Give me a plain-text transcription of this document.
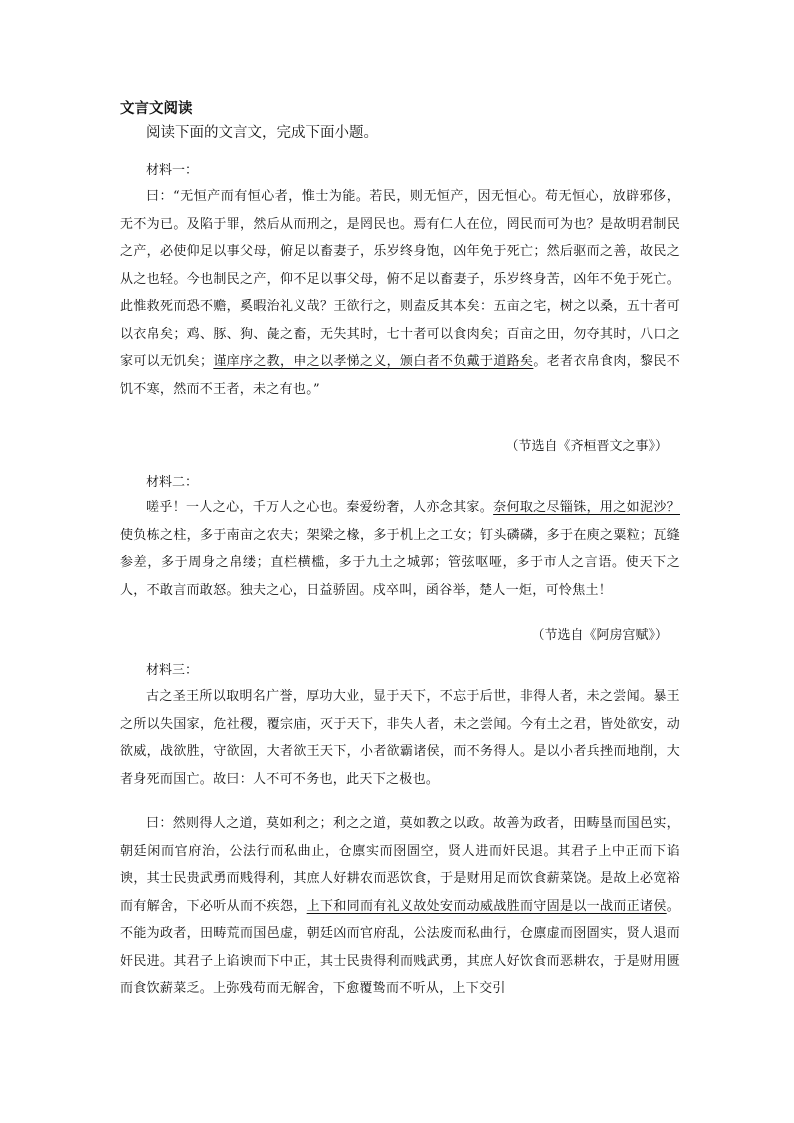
文言文阅读

阅读下面的文言文，完成下面小题。

材料一：

曰：“无恒产而有恒心者，惟士为能。若民，则无恒产，因无恒心。苟无恒心，放辟邪侈，无不为已。及陷于罪，然后从而刑之，是罔民也。焉有仁人在位，罔民而可为也？是故明君制民之产，必使仰足以事父母，俯足以畜妻子，乐岁终身饱，凶年免于死亡；然后驱而之善，故民之从之也轻。今也制民之产，仰不足以事父母，俯不足以畜妻子，乐岁终身苦，凶年不免于死亡。此惟救死而恐不赡，奚暇治礼义哉？王欲行之，则盍反其本矣：五亩之宅，树之以桑，五十者可以衣帛矣；鸡、豚、狗、彘之畜，无失其时，七十者可以食肉矣；百亩之田，勿夺其时，八口之家可以无饥矣；谨庠序之教，申之以孝悌之义，颁白者不负戴于道路矣。老者衣帛食肉，黎民不饥不寒，然而不王者，未之有也。”

（节选自《齐桓晋文之事》）

材料二：

嗟乎！一人之心，千万人之心也。秦爱纷奢，人亦念其家。奈何取之尽锱铢，用之如泥沙？使负栋之柱，多于南亩之农夫；架梁之椽，多于机上之工女；钉头磷磷，多于在庾之粟粒；瓦缝参差，多于周身之帛缕；直栏横槛，多于九土之城郭；管弦呕哑，多于市人之言语。使天下之人，不敢言而敢怒。独夫之心，日益骄固。戍卒叫，函谷举，楚人一炬，可怜焦土！

（节选自《阿房宫赋》）

材料三：

古之圣王所以取明名广誉，厚功大业，显于天下，不忘于后世，非得人者，未之尝闻。暴王之所以失国家，危社稷，覆宗庙，灭于天下，非失人者，未之尝闻。今有土之君，皆处欲安，动欲威，战欲胜，守欲固，大者欲王天下，小者欲霸诸侯，而不务得人。是以小者兵挫而地削，大者身死而国亡。故曰：人不可不务也，此天下之极也。

曰：然则得人之道，莫如利之；利之之道，莫如教之以政。故善为政者，田畴垦而国邑实，朝廷闲而官府治，公法行而私曲止，仓廪实而囹圄空，贤人进而奸民退。其君子上中正而下谄谀，其士民贵武勇而贱得利，其庶人好耕农而恶饮食，于是财用足而饮食薪菜饶。是故上必宽裕而有解舍，下必听从而不疾怨，上下和同而有礼义故处安而动威战胜而守固是以一战而正诸侯。不能为政者，田畴荒而国邑虚，朝廷凶而官府乱，公法废而私曲行，仓廪虚而囹圄实，贤人退而奸民进。其君子上谄谀而下中正，其士民贵得利而贱武勇，其庶人好饮食而恶耕农，于是财用匮而食饮薪菜乏。上弥残苟而无解舍，下愈覆鸷而不听从，上下交引
